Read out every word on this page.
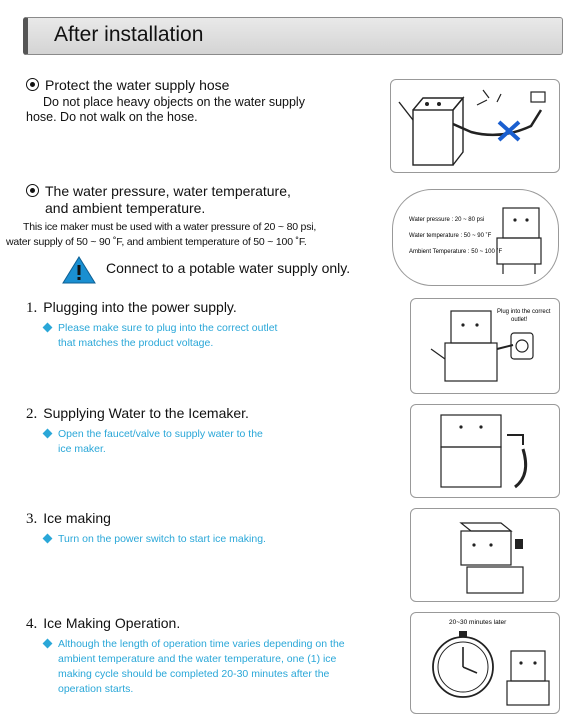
After installation
Protect the water supply hose
Do not place heavy objects on the water supply
hose. Do not walk on the hose.
The water pressure, water temperature,
and ambient temperature.
This ice maker must be used with a water pressure of 20 ~ 80 psi,
water supply of 50 ~ 90 ˚F, and ambient temperature of 50 ~ 100 ˚F.
Connect to a potable water supply only.
Water pressure : 20 ~ 80 psi
Water temperature : 50 ~ 90 ˚F
Ambient Temperature : 50 ~ 100 ˚F
1. Plugging into the power supply.
Please make sure to plug into the correct outlet
that matches the product voltage.
Plug into the correct
outlet!
2. Supplying Water to the Icemaker.
Open the faucet/valve to supply water to the
ice maker.
3. Ice making
Turn on the power switch to start ice making.
4. Ice Making Operation.
Although the length of operation time varies depending on the
ambient temperature and the water temperature, one (1) ice
making cycle should be completed 20-30 minutes after the
operation starts.
20~30 minutes later
